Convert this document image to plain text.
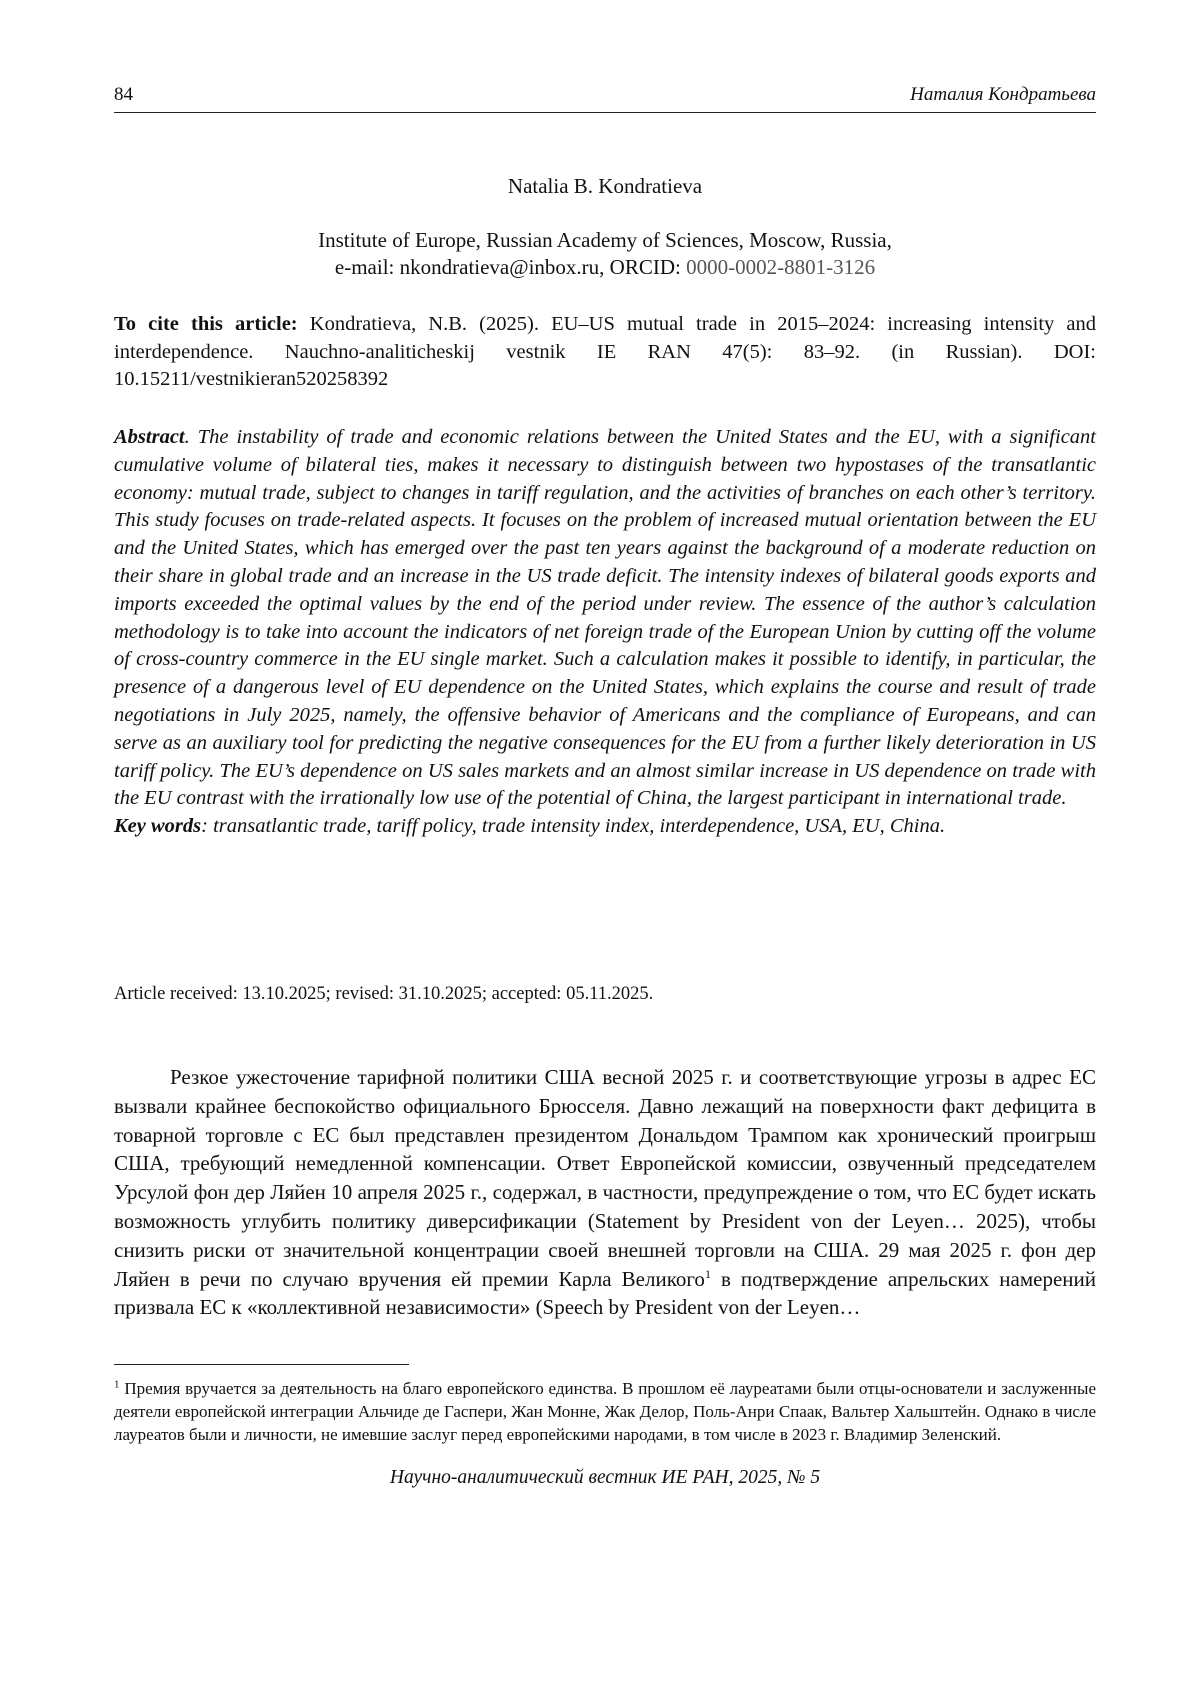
84	Наталия Кондратьева
Natalia B. Kondratieva
Institute of Europe, Russian Academy of Sciences, Moscow, Russia,
e-mail: nkondratieva@inbox.ru, ORCID: 0000-0002-8801-3126
To cite this article: Kondratieva, N.B. (2025). EU–US mutual trade in 2015–2024: increasing intensity and interdependence. Nauchno-analiticheskij vestnik IE RAN 47(5): 83–92. (in Russian). DOI: 10.15211/vestnikieran520258392
Abstract. The instability of trade and economic relations between the United States and the EU, with a significant cumulative volume of bilateral ties, makes it necessary to distinguish between two hypostases of the transatlantic economy: mutual trade, subject to changes in tariff regulation, and the activities of branches on each other’s territory. This study focuses on trade-related aspects. It focuses on the problem of increased mutual orientation between the EU and the United States, which has emerged over the past ten years against the background of a moderate reduction on their share in global trade and an increase in the US trade deficit. The intensity indexes of bilateral goods exports and imports exceeded the optimal values by the end of the period under review. The essence of the author’s calculation methodology is to take into account the indicators of net foreign trade of the European Union by cutting off the volume of cross-country commerce in the EU single market. Such a calculation makes it possible to identify, in particular, the presence of a dangerous level of EU dependence on the United States, which explains the course and result of trade negotiations in July 2025, namely, the offensive behavior of Americans and the compliance of Europeans, and can serve as an auxiliary tool for predicting the negative consequences for the EU from a further likely deterioration in US tariff policy. The EU’s dependence on US sales markets and an almost similar increase in US dependence on trade with the EU contrast with the irrationally low use of the potential of China, the largest participant in international trade.
Key words: transatlantic trade, tariff policy, trade intensity index, interdependence, USA, EU, China.
Article received: 13.10.2025; revised: 31.10.2025; accepted: 05.11.2025.
Резкое ужесточение тарифной политики США весной 2025 г. и соответствующие угрозы в адрес ЕС вызвали крайнее беспокойство официального Брюсселя. Давно лежащий на поверхности факт дефицита в товарной торговле с ЕС был представлен президентом Дональдом Трампом как хронический проигрыш США, требующий немедленной компенсации. Ответ Европейской комиссии, озвученный председателем Урсулой фон дер Ляйен 10 апреля 2025 г., содержал, в частности, предупреждение о том, что ЕС будет искать возможность углубить политику диверсификации (Statement by President von der Leyen… 2025), чтобы снизить риски от значительной концентрации своей внешней торговли на США. 29 мая 2025 г. фон дер Ляйен в речи по случаю вручения ей премии Карла Великого$^1$ в подтверждение апрельских намерений призвала ЕС к «коллективной независимости» (Speech by President von der Leyen…
$^1$ Премия вручается за деятельность на благо европейского единства. В прошлом её лауреатами были отцы-основатели и заслуженные деятели европейской интеграции Альчиде де Гаспери, Жан Монне, Жак Делор, Поль-Анри Спаак, Вальтер Хальштейн. Однако в числе лауреатов были и личности, не имевшие заслуг перед европейскими народами, в том числе в 2023 г. Владимир Зеленский.
Научно-аналитический вестник ИЕ РАН, 2025, № 5
